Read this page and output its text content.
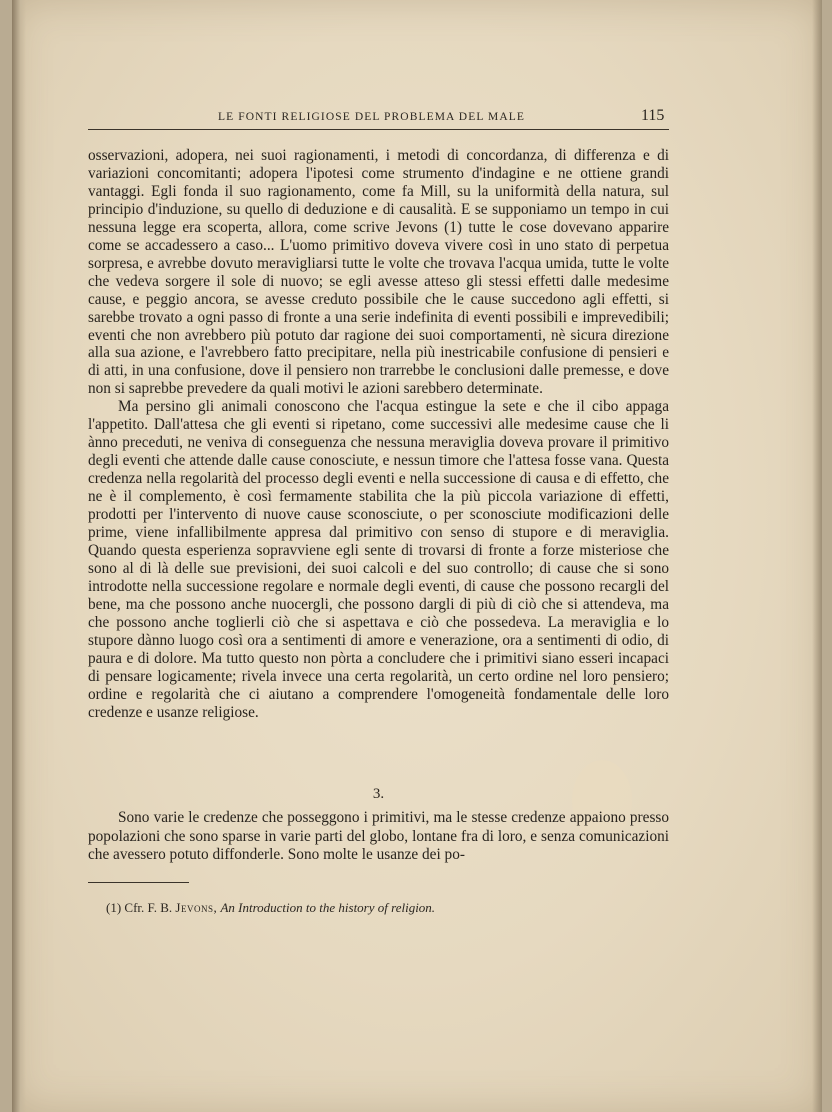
LE FONTI RELIGIOSE DEL PROBLEMA DEL MALE	115

osservazioni, adopera, nei suoi ragionamenti, i metodi di concordanza, di differenza e di variazioni concomitanti; adopera l'ipotesi come strumento d'indagine e ne ottiene grandi vantaggi. Egli fonda il suo ragionamento, come fa Mill, su la uniformità della natura, sul principio d'induzione, su quello di deduzione e di causalità. E se supponiamo un tempo in cui nessuna legge era scoperta, allora, come scrive Jevons (1) tutte le cose dovevano apparire come se accadessero a caso... L'uomo primitivo doveva vivere così in uno stato di perpetua sorpresa, e avrebbe dovuto meravigliarsi tutte le volte che trovava l'acqua umida, tutte le volte che vedeva sorgere il sole di nuovo; se egli avesse atteso gli stessi effetti dalle medesime cause, e peggio ancora, se avesse creduto possibile che le cause succedono agli effetti, si sarebbe trovato a ogni passo di fronte a una serie indefinita di eventi possibili e imprevedibili; eventi che non avrebbero più potuto dar ragione dei suoi comportamenti, nè sicura direzione alla sua azione, e l'avrebbero fatto precipitare, nella più inestricabile confusione di pensieri e di atti, in una confusione, dove il pensiero non trarrebbe le conclusioni dalle premesse, e dove non si saprebbe prevedere da quali motivi le azioni sarebbero determinate.

Ma persino gli animali conoscono che l'acqua estingue la sete e che il cibo appaga l'appetito. Dall'attesa che gli eventi si ripetano, come successivi alle medesime cause che li ànno preceduti, ne veniva di conseguenza che nessuna meraviglia doveva provare il primitivo degli eventi che attende dalle cause conosciute, e nessun timore che l'attesa fosse vana. Questa credenza nella regolarità del processo degli eventi e nella successione di causa e di effetto, che ne è il complemento, è così fermamente stabilita che la più piccola variazione di effetti, prodotti per l'intervento di nuove cause sconosciute, o per sconosciute modificazioni delle prime, viene infallibilmente appresa dal primitivo con senso di stupore e di meraviglia. Quando questa esperienza sopravviene egli sente di trovarsi di fronte a forze misteriose che sono al di là delle sue previsioni, dei suoi calcoli e del suo controllo; di cause che si sono introdotte nella successione regolare e normale degli eventi, di cause che possono recargli del bene, ma che possono anche nuocergli, che possono dargli di più di ciò che si attendeva, ma che possono anche toglierli ciò che si aspettava e ciò che possedeva. La meraviglia e lo stupore dànno luogo così ora a sentimenti di amore e venerazione, ora a sentimenti di odio, di paura e di dolore. Ma tutto questo non pòrta a concludere che i primitivi siano esseri incapaci di pensare logicamente; rivela invece una certa regolarità, un certo ordine nel loro pensiero; ordine e regolarità che ci aiutano a comprendere l'omogeneità fondamentale delle loro credenze e usanze religiose.

3.

Sono varie le credenze che posseggono i primitivi, ma le stesse credenze appaiono presso popolazioni che sono sparse in varie parti del globo, lontane fra di loro, e senza comunicazioni che avessero potuto diffonderle. Sono molte le usanze dei po-

(1) Cfr. F. B. Jevons, An Introduction to the history of religion.
